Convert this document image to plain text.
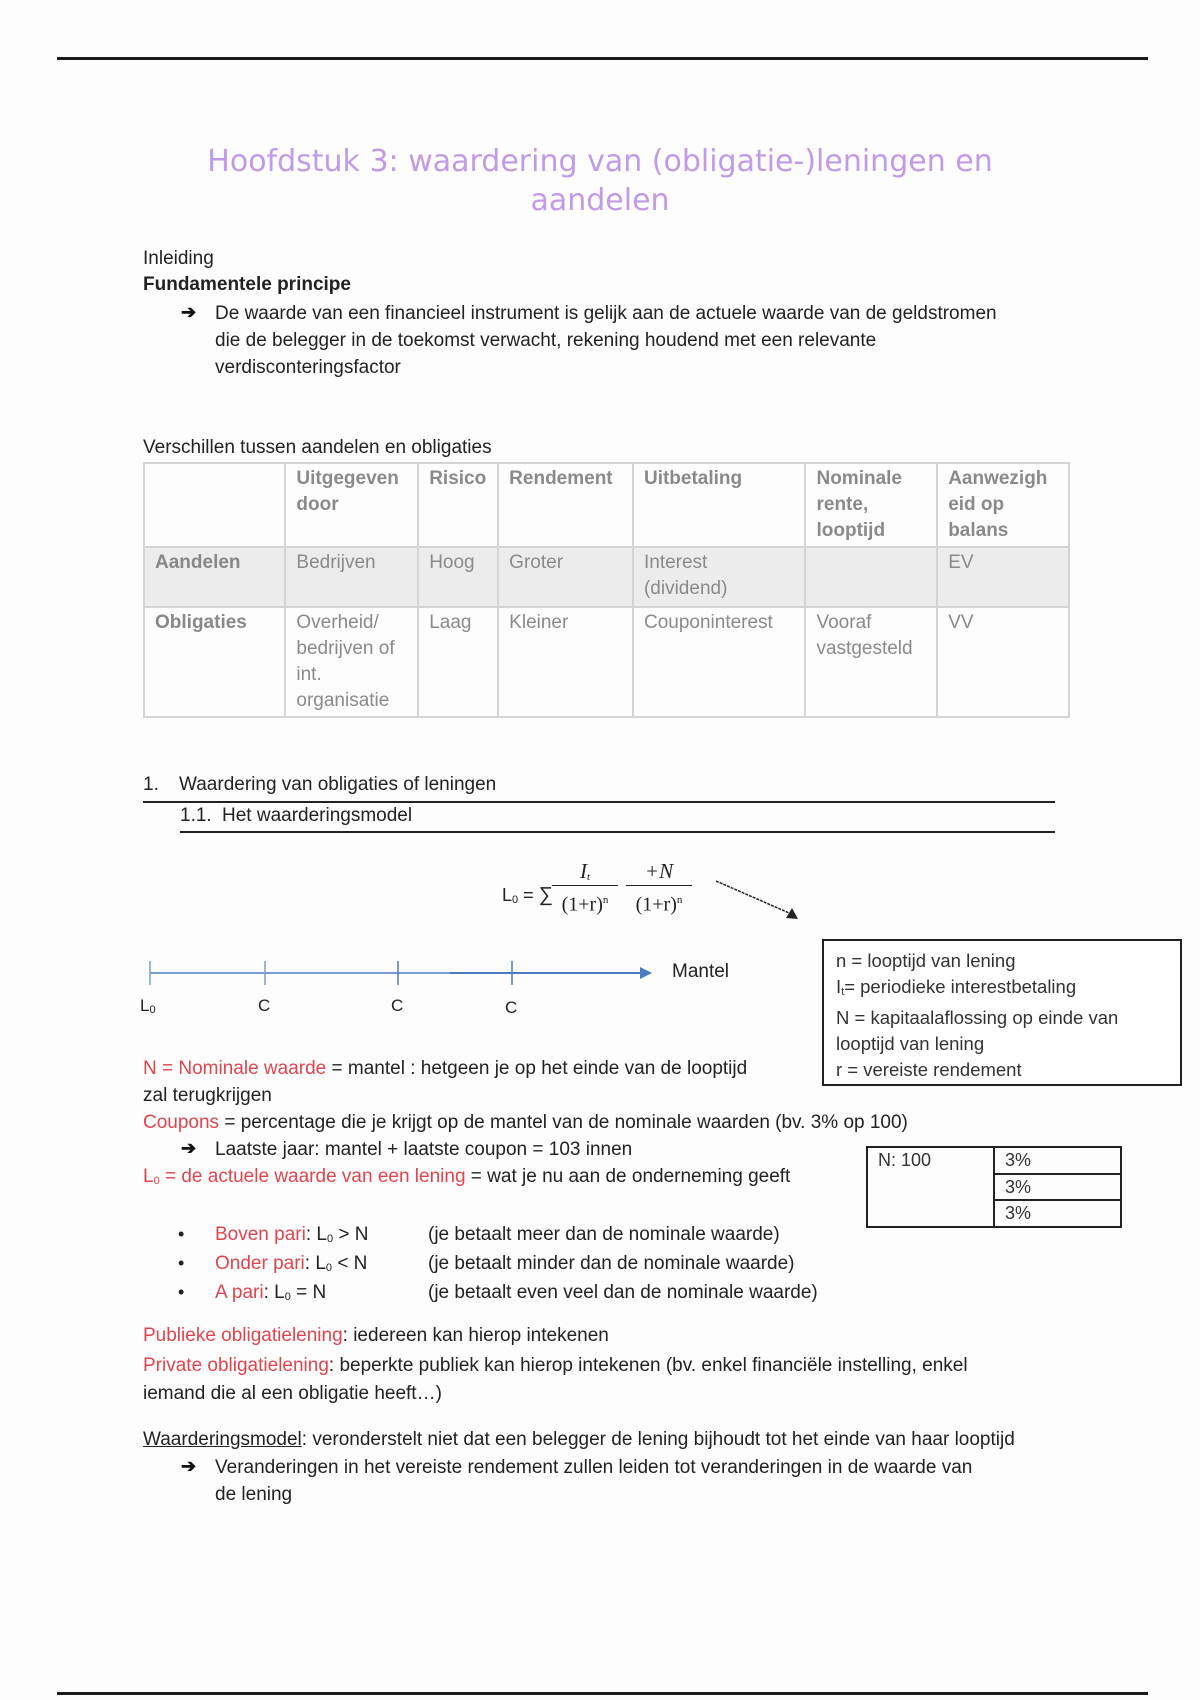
Hoofdstuk 3: waardering van (obligatie-)leningen en
aandelen
Inleiding
Fundamentele principe
➔ De waarde van een financieel instrument is gelijk aan de actuele waarde van de geldstromen
die de belegger in de toekomst verwacht, rekening houdend met een relevante
verdisconteringsfactor
Verschillen tussen aandelen en obligaties
	Uitgegeven
door	Risico	Rendement	Uitbetaling	Nominale
rente,
looptijd	Aanwezigh
eid op
balans
Aandelen	Bedrijven	Hoog	Groter	Interest
(dividend)		EV
Obligaties	Overheid/
bedrijven of
int.
organisatie	Laag	Kleiner	Couponinterest	Vooraf
vastgesteld	VV
1. Waardering van obligaties of leningen
1.1. Het waarderingsmodel
$L_0$ = ∑ $\frac{I_t}{(1+r)^n} \frac{+N}{(1+r)^n}$
$L_0$	C	C	C
Mantel
n = looptijd van lening
$I_t=$ periodieke interestbetaling
N = kapitaalaflossing op einde van
looptijd van lening
r = vereiste rendement
N = Nominale waarde = mantel : hetgeen je op het einde van de looptijd
zal terugkrijgen
Coupons = percentage die je krijgt op de mantel van de nominale waarden (bv. 3% op 100)
➔ Laatste jaar: mantel + laatste coupon = 103 innen
$L_0$ = de actuele waarde van een lening = wat je nu aan de onderneming geeft
N: 100	3%
3%
3%
• Boven pari: $L_0 > N$	(je betaalt meer dan de nominale waarde)
• Onder pari: $L_0 < N$	(je betaalt minder dan de nominale waarde)
• A pari: $L_0 = N$	(je betaalt even veel dan de nominale waarde)
Publieke obligatielening: iedereen kan hierop intekenen
Private obligatielening: beperkte publiek kan hierop intekenen (bv. enkel financiële instelling, enkel
iemand die al een obligatie heeft…)
Waarderingsmodel: veronderstelt niet dat een belegger de lening bijhoudt tot het einde van haar looptijd
➔ Veranderingen in het vereiste rendement zullen leiden tot veranderingen in de waarde van
de lening
